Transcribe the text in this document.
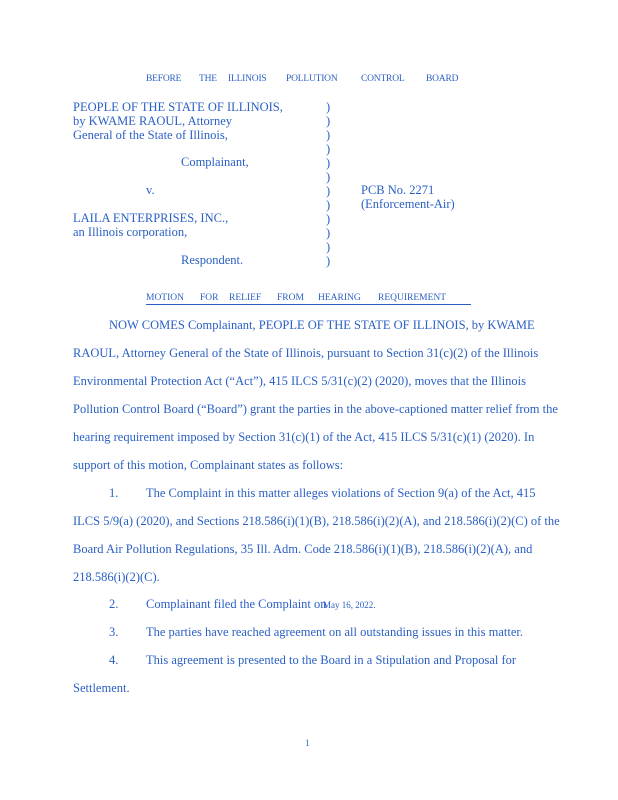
BEFORE THE ILLINOIS POLLUTION CONTROL BOARD
PEOPLE OF THE STATE OF ILLINOIS,
by KWAME RAOUL, Attorney
General of the State of Illinois,
Complainant,
v.
LAILA ENTERPRISES, INC.,
an Illinois corporation,
Respondent.
PCB No. 2271
(Enforcement-Air)
)
)
)
)
)
)
)
)
)
)
)
)
MOTION FOR RELIEF FROM HEARING REQUIREMENT
NOW COMES Complainant, PEOPLE OF THE STATE OF ILLINOIS, by KWAME
RAOUL, Attorney General of the State of Illinois, pursuant to Section 31(c)(2) of the Illinois
Environmental Protection Act (“Act”), 415 ILCS 5/31(c)(2) (2020), moves that the Illinois
Pollution Control Board (“Board”) grant the parties in the above-captioned matter relief from the
hearing requirement imposed by Section 31(c)(1) of the Act, 415 ILCS 5/31(c)(1) (2020). In
support of this motion, Complainant states as follows:
1. The Complaint in this matter alleges violations of Section 9(a) of the Act, 415
ILCS 5/9(a) (2020), and Sections 218.586(i)(1)(B), 218.586(i)(2)(A), and 218.586(i)(2)(C) of the
Board Air Pollution Regulations, 35 Ill. Adm. Code 218.586(i)(1)(B), 218.586(i)(2)(A), and
218.586(i)(2)(C).
2. Complainant filed the Complaint on
May 16, 2022.
3. The parties have reached agreement on all outstanding issues in this matter.
4. This agreement is presented to the Board in a Stipulation and Proposal for
Settlement.
1
